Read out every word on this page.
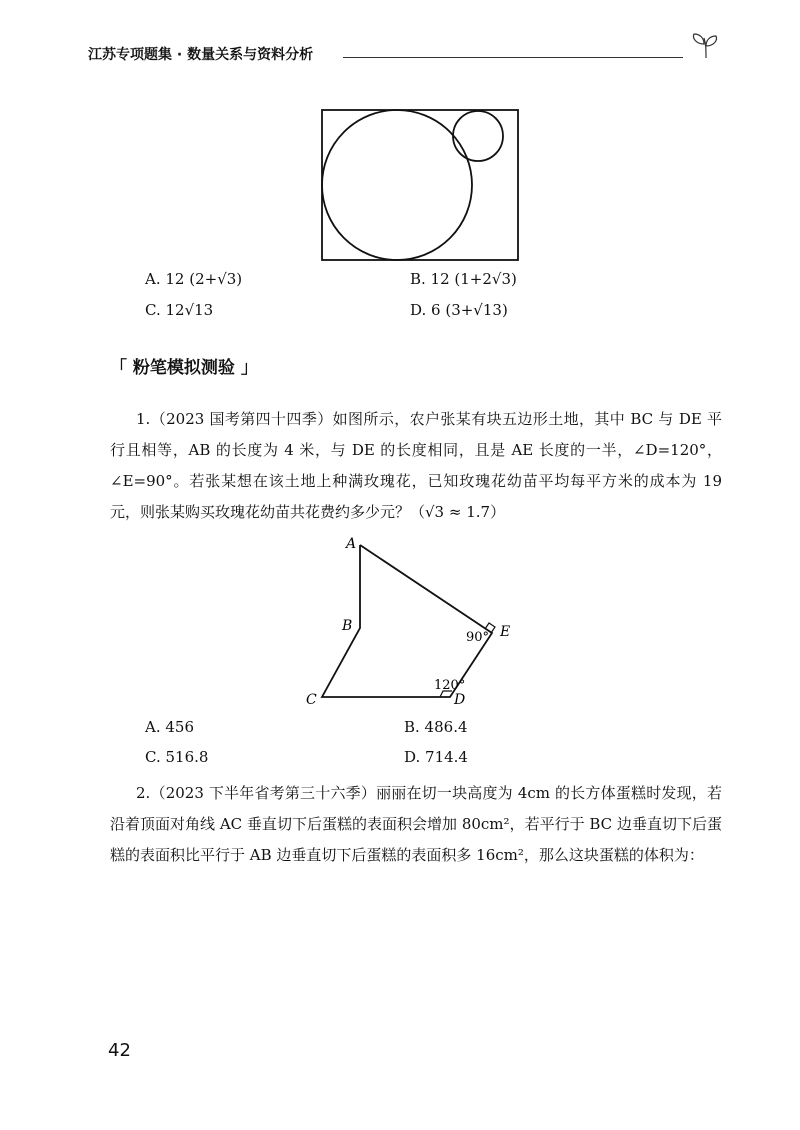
江苏专项题集 · 数量关系与资料分析
A. 12 (2+√3)	B. 12 (1+2√3)
C. 12√13	D. 6 (3+√13)
「 粉笔模拟测验 」
1.（2023 国考第四十四季）如图所示，农户张某有块五边形土地，其中 BC 与 DE 平行且相等，AB 的长度为 4 米，与 DE 的长度相同，且是 AE 长度的一半，∠D=120°，∠E=90°。若张某想在该土地上种满玫瑰花，已知玫瑰花幼苗平均每平方米的成本为 19 元，则张某购买玫瑰花幼苗共花费约多少元？（√3 ≈ 1.7）
A
B
C	D
E
90°
120°
A. 456	B. 486.4
C. 516.8	D. 714.4
2.（2023 下半年省考第三十六季）丽丽在切一块高度为 4cm 的长方体蛋糕时发现，若沿着顶面对角线 AC 垂直切下后蛋糕的表面积会增加 80cm²，若平行于 BC 边垂直切下后蛋糕的表面积比平行于 AB 边垂直切下后蛋糕的表面积多 16cm²，那么这块蛋糕的体积为：
42
